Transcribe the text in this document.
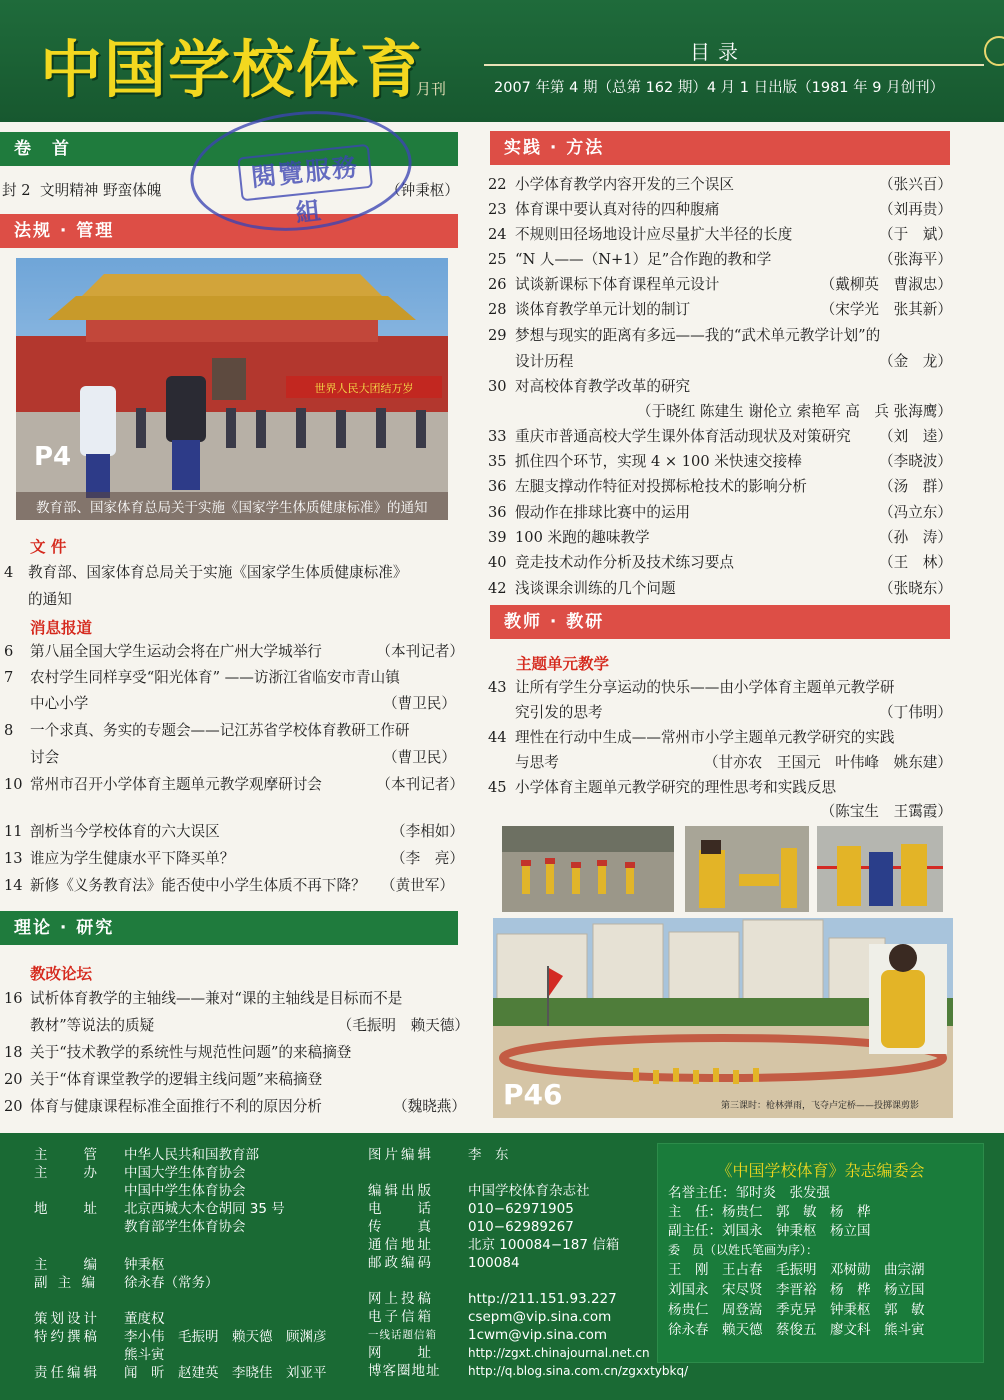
中国学校体育
月刊
目录
2007 年第 4 期（总第 162 期）4 月 1 日出版（1981 年 9 月创刊）
卷　首
封 2 文明精神 野蛮体魄	（钟秉枢）
法规 · 管理
世界人民大团结万岁
P4
教育部、国家体育总局关于实施《国家学生体质健康标准》的通知
文 件
4 教育部、国家体育总局关于实施《国家学生体质健康标准》
的通知
消息报道
6 第八届全国大学生运动会将在广州大学城举行	（本刊记者）
7 农村学生同样享受“阳光体育” ——访浙江省临安市青山镇
中心小学	（曹卫民）
8 一个求真、务实的专题会——记江苏省学校体育教研工作研
讨会	（曹卫民）
10 常州市召开小学体育主题单元教学观摩研讨会	（本刊记者）
11 剖析当今学校体育的六大误区	（李相如）
13 谁应为学生健康水平下降买单？	（李　亮）
14 新修《义务教育法》能否使中小学生体质不再下降？ （黄世军）
理论 · 研究
教改论坛
16 试析体育教学的主轴线——兼对“课的主轴线是目标而不是
教材”等说法的质疑	（毛振明　赖天德）
18 关于“技术教学的系统性与规范性问题”的来稿摘登
20 关于“体育课堂教学的逻辑主线问题”来稿摘登
20 体育与健康课程标准全面推行不利的原因分析	（魏晓燕）
閱覽服務組
实践 · 方法
22 小学体育教学内容开发的三个误区	（张兴百）
23 体育课中要认真对待的四种腹痛	（刘再贵）
24 不规则田径场地设计应尽量扩大半径的长度	（于　斌）
25 “N 人——（N+1）足”合作跑的教和学	（张海平）
26 试谈新课标下体育课程单元设计	（戴柳英　曹淑忠）
28 谈体育教学单元计划的制订	（宋学光　张其新）
29 梦想与现实的距离有多远——我的“武术单元教学计划”的
设计历程	（金　龙）
30 对高校体育教学改革的研究
（于晓红 陈建生 谢伦立 索艳军 高　兵 张海鹰）
33 重庆市普通高校大学生课外体育活动现状及对策研究 （刘　逵）
35 抓住四个环节，实现 4 × 100 米快速交接棒	（李晓波）
36 左腿支撑动作特征对投掷标枪技术的影响分析	（汤　群）
36 假动作在排球比赛中的运用	（冯立东）
39 100 米跑的趣味教学	（孙　涛）
40 竞走技术动作分析及技术练习要点	（王　林）
42 浅谈课余训练的几个问题	（张晓东）
教师 · 教研
主题单元教学
43 让所有学生分享运动的快乐——由小学体育主题单元教学研
究引发的思考	（丁伟明）
44 理性在行动中生成——常州市小学主题单元教学研究的实践
与思考	（甘亦农　王国元　叶伟峰　姚东建）
45 小学体育主题单元教学研究的理性思考和实践反思
（陈宝生　王霭霞）
P46	第三课时：枪林弹雨，飞夺卢定桥——投掷课剪影
主　　管 中华人民共和国教育部
主　　办 中国大学生体育协会
中国中学生体育协会
地　　址 北京西城大木仓胡同 35 号
教育部学生体育协会
主　　编 钟秉枢
副 主 编 徐永春（常务）
策划设计 董度权
特约撰稿 李小伟　毛振明　赖天德　顾渊彦
熊斗寅
责任编辑 闻　昕　赵建英　李晓佳　刘亚平
图片编辑	李　东
编辑出版	中国学校体育杂志社
电　　话	010−62971905
传　　真	010−62989267
通信地址	北京 100084−187 信箱
邮政编码	100084
网上投稿	http://211.151.93.227
电子信箱	csepm@vip.sina.com
一线话题信箱 1cwm@vip.sina.com
网　　址	http://zgxt.chinajournal.net.cn
博客圈地址 http://q.blog.sina.com.cn/zgxxtybkq/
《中国学校体育》杂志编委会
名誉主任：邹时炎　张发强
主　任：杨贵仁　郭　敏　杨　桦
副主任：刘国永　钟秉枢　杨立国
委　员（以姓氏笔画为序）：
王　刚　王占春　毛振明　邓树勋　曲宗湖
刘国永　宋尽贤　李晋裕　杨　桦　杨立国
杨贵仁　周登嵩　季克异　钟秉枢　郭　敏
徐永春　赖天德　蔡俊五　廖文科　熊斗寅
